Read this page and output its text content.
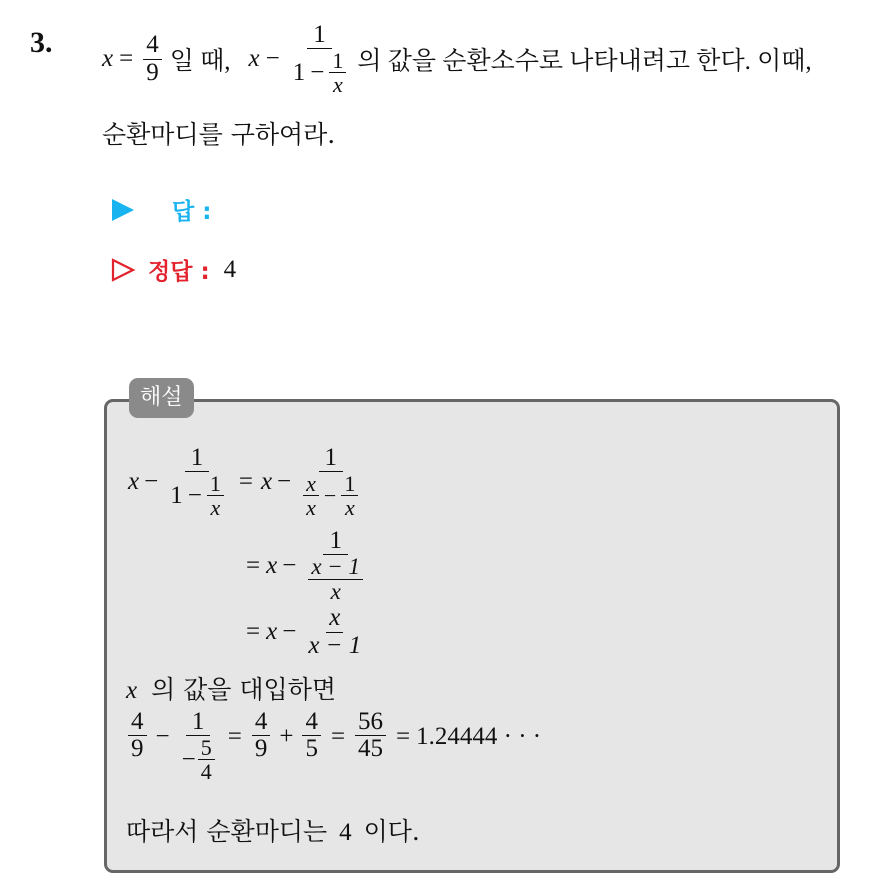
3. $x = \frac{4}{9}$ 일 때, $x - \frac{1}{1 - \frac{1}{x}}$ 의 값을 순환소수로 나타내려고 한다. 이때,
순환마디를 구하여라.
답 :
정답 : 4
해설
$x - \frac{1}{1 - \frac{1}{x}} = x - \frac{1}{\frac{x}{x} - \frac{1}{x}}$
= $x - \frac{1}{\frac{x - 1}{x}}$
= $x - \frac{x}{x - 1}$
x 의 값을 대입하면
$\frac{4}{9} - \frac{1}{- \frac{5}{4}} = \frac{4}{9} + \frac{4}{5} = \frac{56}{45} = 1.24444$ · · ·
따라서 순환마디는 4 이다.
